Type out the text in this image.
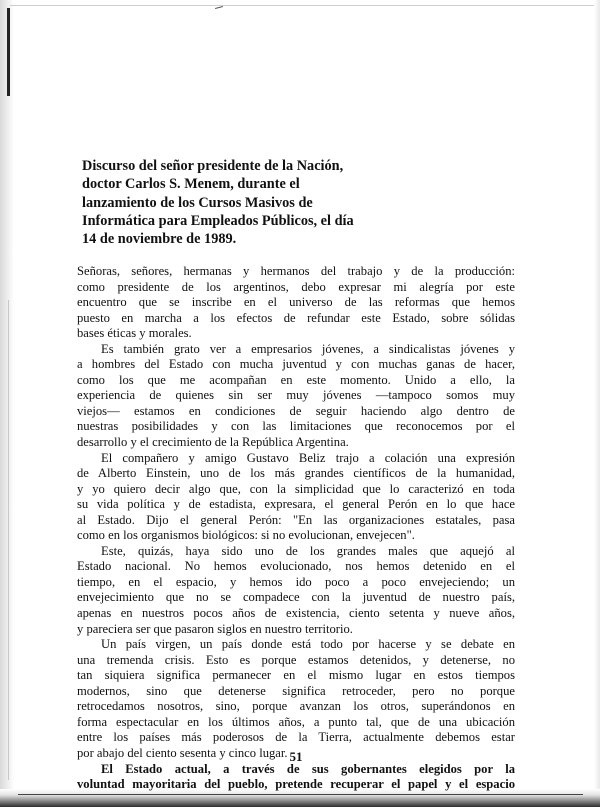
Discurso del señor presidente de la Nación,
doctor Carlos S. Menem, durante el
lanzamiento de los Cursos Masivos de
Informática para Empleados Públicos, el día
14 de noviembre de 1989.
Señoras, señores, hermanas y hermanos del trabajo y de la producción:
como presidente de los argentinos, debo expresar mi alegría por este
encuentro que se inscribe en el universo de las reformas que hemos
puesto en marcha a los efectos de refundar este Estado, sobre sólidas
bases éticas y morales.
Es también grato ver a empresarios jóvenes, a sindicalistas jóvenes y
a hombres del Estado con mucha juventud y con muchas ganas de hacer,
como los que me acompañan en este momento. Unido a ello, la
experiencia de quienes sin ser muy jóvenes —tampoco somos muy
viejos— estamos en condiciones de seguir haciendo algo dentro de
nuestras posibilidades y con las limitaciones que reconocemos por el
desarrollo y el crecimiento de la República Argentina.
El compañero y amigo Gustavo Beliz trajo a colación una expresión
de Alberto Einstein, uno de los más grandes científicos de la humanidad,
y yo quiero decir algo que, con la simplicidad que lo caracterizó en toda
su vida política y de estadista, expresara, el general Perón en lo que hace
al Estado. Dijo el general Perón: "En las organizaciones estatales, pasa
como en los organismos biológicos: si no evolucionan, envejecen".
Este, quizás, haya sido uno de los grandes males que aquejó al
Estado nacional. No hemos evolucionado, nos hemos detenido en el
tiempo, en el espacio, y hemos ido poco a poco envejeciendo; un
envejecimiento que no se compadece con la juventud de nuestro país,
apenas en nuestros pocos años de existencia, ciento setenta y nueve años,
y pareciera ser que pasaron siglos en nuestro territorio.
Un país virgen, un país donde está todo por hacerse y se debate en
una tremenda crisis. Esto es porque estamos detenidos, y detenerse, no
tan siquiera significa permanecer en el mismo lugar en estos tiempos
modernos, sino que detenerse significa retroceder, pero no porque
retrocedamos nosotros, sino, porque avanzan los otros, superándonos en
forma espectacular en los últimos años, a punto tal, que de una ubicación
entre los países más poderosos de la Tierra, actualmente debemos estar
por abajo del ciento sesenta y cinco lugar.
El Estado actual, a través de sus gobernantes elegidos por la
voluntad mayoritaria del pueblo, pretende recuperar el papel y el espacio
51
